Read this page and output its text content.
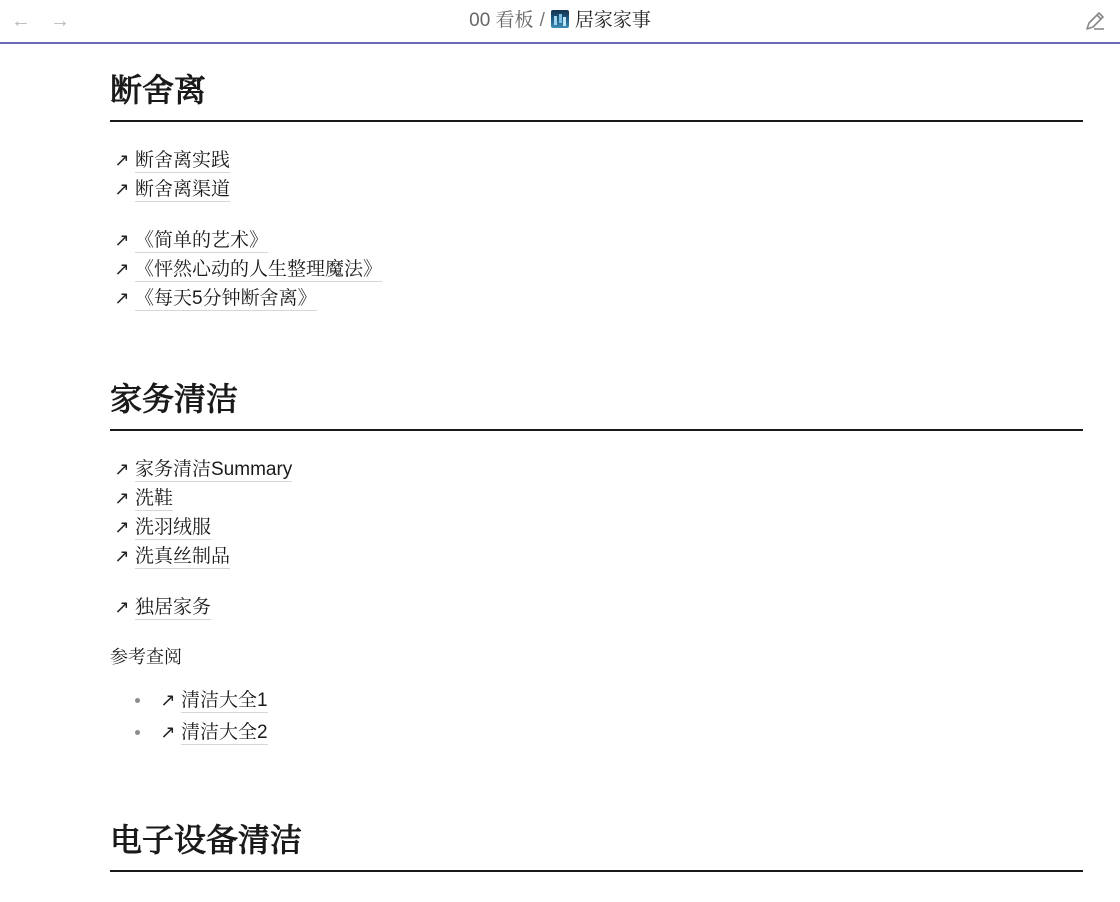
← →	00 看板 / 居家家事
断舍离
↗ 断舍离实践
↗ 断舍离渠道
↗ 《简单的艺术》
↗ 《怦然心动的人生整理魔法》
↗ 《每天5分钟断舍离》
家务清洁
↗ 家务清洁Summary
↗ 洗鞋
↗ 洗羽绒服
↗ 洗真丝制品
↗ 独居家务
参考查阅
↗ 清洁大全1
↗ 清洁大全2
电子设备清洁
